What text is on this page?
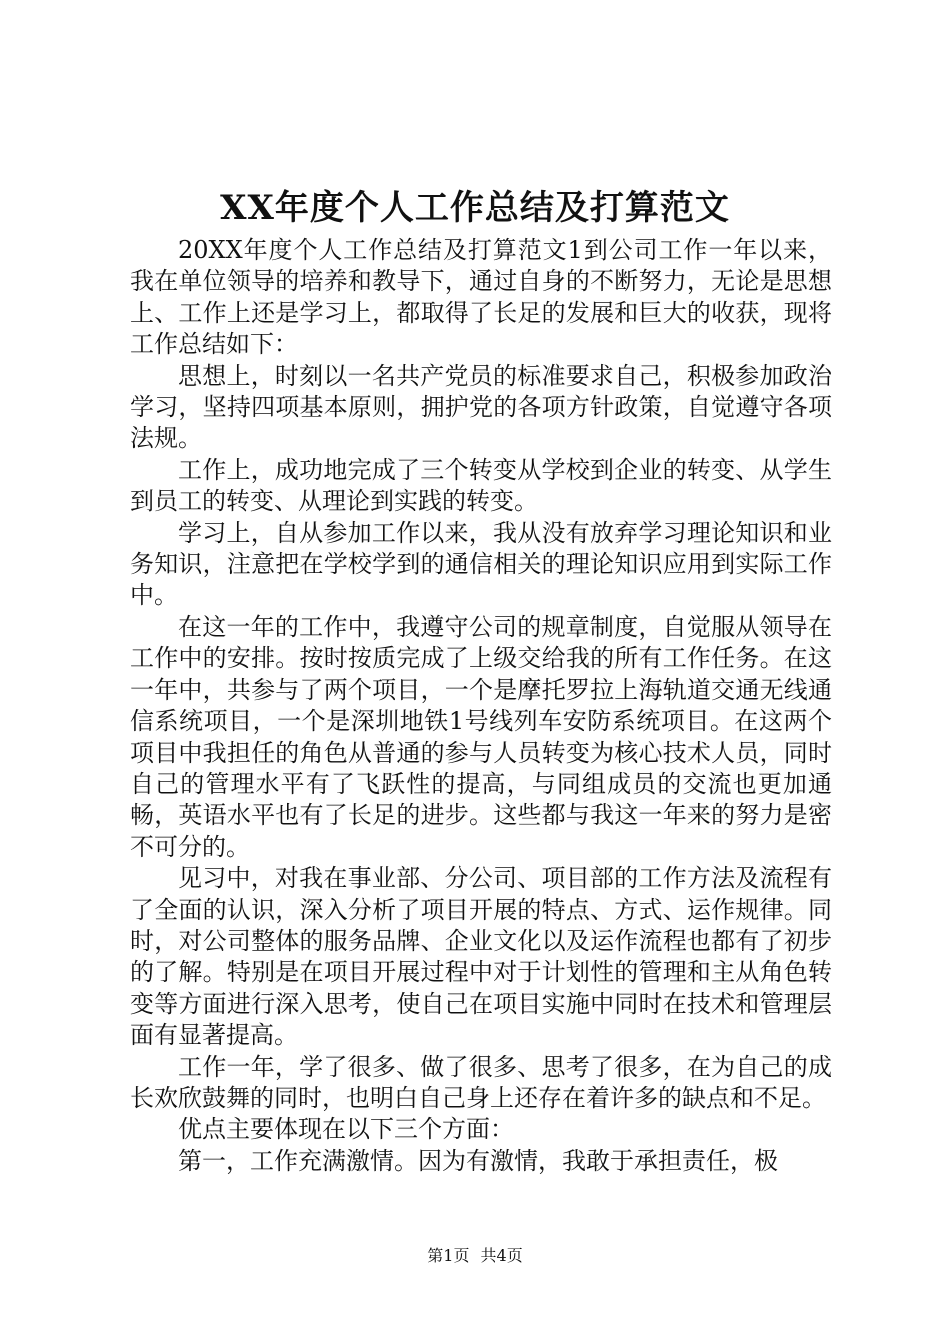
XX年度个人工作总结及打算范文

20XX年度个人工作总结及打算范文1到公司工作一年以来，我在单位领导的培养和教导下，通过自身的不断努力，无论是思想上、工作上还是学习上，都取得了长足的发展和巨大的收获，现将工作总结如下：

思想上，时刻以一名共产党员的标准要求自己，积极参加政治学习，坚持四项基本原则，拥护党的各项方针政策，自觉遵守各项法规。

工作上，成功地完成了三个转变从学校到企业的转变、从学生到员工的转变、从理论到实践的转变。

学习上，自从参加工作以来，我从没有放弃学习理论知识和业务知识，注意把在学校学到的通信相关的理论知识应用到实际工作中。

在这一年的工作中，我遵守公司的规章制度，自觉服从领导在工作中的安排。按时按质完成了上级交给我的所有工作任务。在这一年中，共参与了两个项目，一个是摩托罗拉上海轨道交通无线通信系统项目，一个是深圳地铁1号线列车安防系统项目。在这两个项目中我担任的角色从普通的参与人员转变为核心技术人员，同时自己的管理水平有了飞跃性的提高，与同组成员的交流也更加通畅，英语水平也有了长足的进步。这些都与我这一年来的努力是密不可分的。

见习中，对我在事业部、分公司、项目部的工作方法及流程有了全面的认识，深入分析了项目开展的特点、方式、运作规律。同时，对公司整体的服务品牌、企业文化以及运作流程也都有了初步的了解。特别是在项目开展过程中对于计划性的管理和主从角色转变等方面进行深入思考，使自己在项目实施中同时在技术和管理层面有显著提高。

工作一年，学了很多、做了很多、思考了很多，在为自己的成长欢欣鼓舞的同时，也明白自己身上还存在着许多的缺点和不足。

优点主要体现在以下三个方面：

第一，工作充满激情。因为有激情，我敢于承担责任，极

第1页 共4页
